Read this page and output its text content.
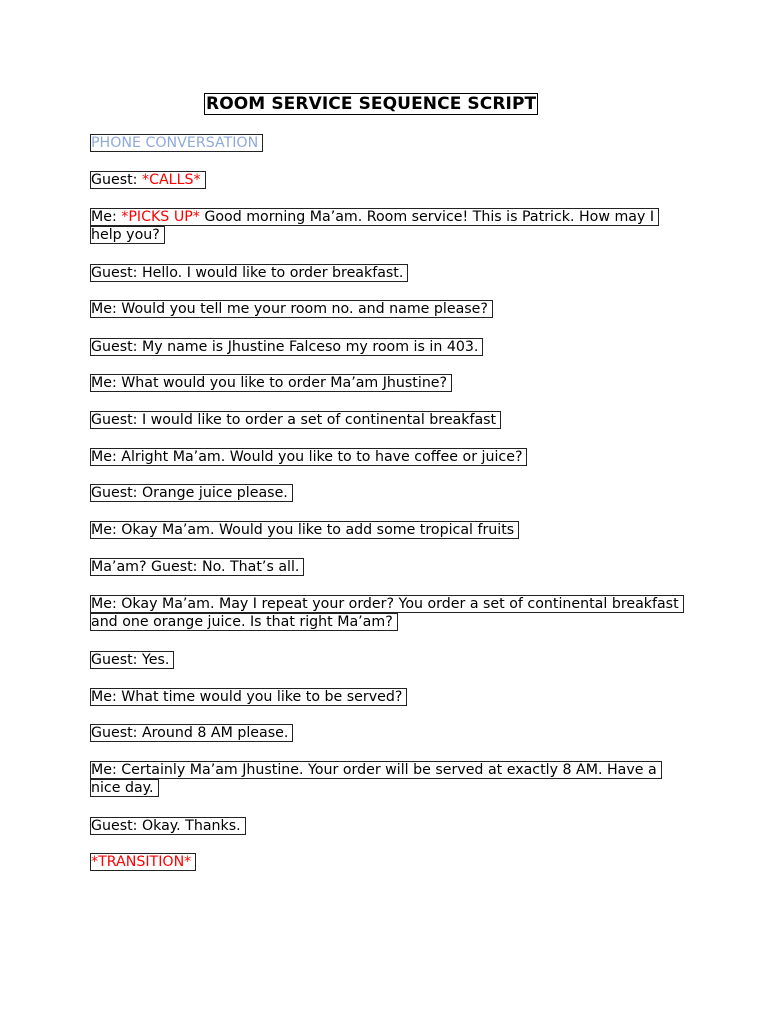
ROOM SERVICE SEQUENCE SCRIPT
PHONE CONVERSATION
Guest: *CALLS*
Me: *PICKS UP* Good morning Ma’am. Room service! This is Patrick. How may I help you?
Guest: Hello. I would like to order breakfast.
Me: Would you tell me your room no. and name please?
Guest: My name is Jhustine Falceso my room is in 403.
Me: What would you like to order Ma’am Jhustine?
Guest: I would like to order a set of continental breakfast
Me: Alright Ma’am. Would you like to to have coffee or juice?
Guest: Orange juice please.
Me: Okay Ma’am. Would you like to add some tropical fruits
Ma’am? Guest: No. That’s all.
Me: Okay Ma’am. May I repeat your order? You order a set of continental breakfast and one orange juice. Is that right Ma’am?
Guest: Yes.
Me: What time would you like to be served?
Guest: Around 8 AM please.
Me: Certainly Ma’am Jhustine. Your order will be served at exactly 8 AM. Have a nice day.
Guest: Okay. Thanks.
*TRANSITION*
